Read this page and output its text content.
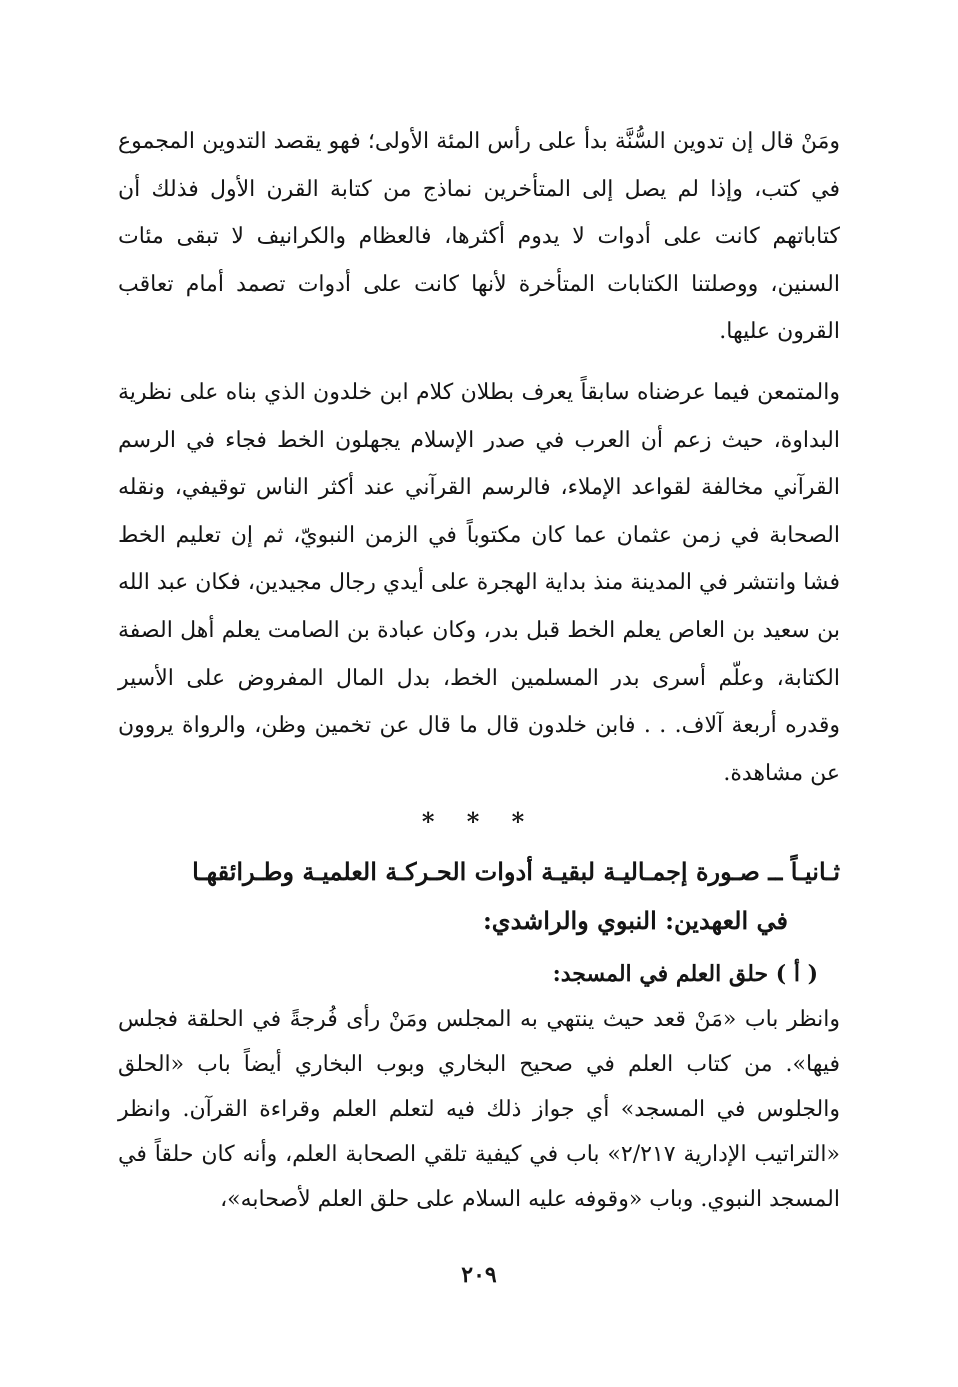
ومَنْ قال إن تدوين السُّنَّة بدأ على رأس المئة الأولى؛ فهو يقصد التدوين المجموع في كتب، وإذا لم يصل إلى المتأخرين نماذج من كتابة القرن الأول فذلك أن كتاباتهم كانت على أدوات لا يدوم أكثرها، فالعظام والكرانيف لا تبقى مئات السنين، ووصلتنا الكتابات المتأخرة لأنها كانت على أدوات تصمد أمام تعاقب القرون عليها.

والمتمعن فيما عرضناه سابقاً يعرف بطلان كلام ابن خلدون الذي بناه على نظرية البداوة، حيث زعم أن العرب في صدر الإسلام يجهلون الخط فجاء في الرسم القرآني مخالفة لقواعد الإملاء، فالرسم القرآني عند أكثر الناس توقيفي، ونقله الصحابة في زمن عثمان عما كان مكتوباً في الزمن النبويّ، ثم إن تعليم الخط فشا وانتشر في المدينة منذ بداية الهجرة على أيدي رجال مجيدين، فكان عبد الله بن سعيد بن العاص يعلم الخط قبل بدر، وكان عبادة بن الصامت يعلم أهل الصفة الكتابة، وعلّم أسرى بدر المسلمين الخط، بدل المال المفروض على الأسير وقدره أربعة آلاف. . . فابن خلدون قال ما قال عن تخمين وظن، والرواة يروون عن مشاهدة.

* * *

ثـانيـاً ــ صـورة إجمـاليـة لبقيـة أدوات الحـركـة العلميـة وطـرائقهـا

في العهدين: النبوي والراشدي:

( أ ) حلق العلم في المسجد:

وانظر باب «مَنْ قعد حيث ينتهي به المجلس ومَنْ رأى فُرجةً في الحلقة فجلس فيها». من كتاب العلم في صحيح البخاري وبوب البخاري أيضاً باب «الحلق والجلوس في المسجد» أي جواز ذلك فيه لتعلم العلم وقراءة القرآن. وانظر «التراتيب الإدارية ٢/٢١٧» باب في كيفية تلقي الصحابة العلم، وأنه كان حلقاً في المسجد النبوي. وباب «وقوفه عليه السلام على حلق العلم لأصحابه»،

٢٠٩
